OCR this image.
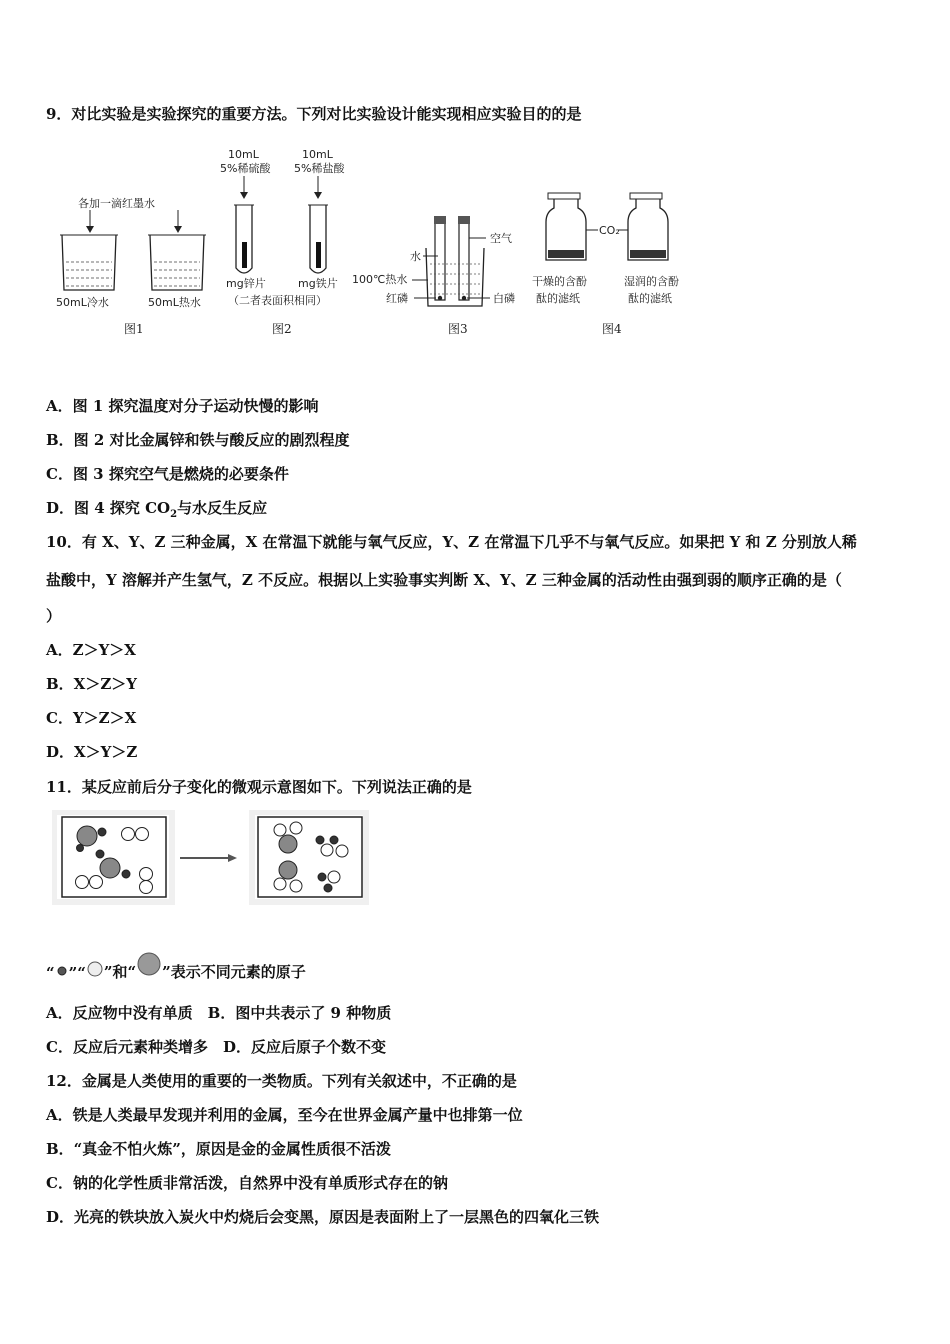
9．对比实验是实验探究的重要方法。下列对比实验设计能实现相应实验目的的是
各加一滴红墨水
50mL冷水	50mL热水
图1
10mL
5%稀硫酸
10mL
5%稀盐酸
mg锌片	mg铁片
（二者表面积相同）
图2
水
空气
100℃热水
红磷	白磷
图3
CO₂
干燥的含酚
酞的滤纸
湿润的含酚
酞的滤纸
图4
A．图 1 探究温度对分子运动快慢的影响
B．图 2 对比金属锌和铁与酸反应的剧烈程度
C．图 3 探究空气是燃烧的必要条件
D．图 4 探究 $CO_2$与水反生反应
10．有 X、Y、Z 三种金属，X 在常温下就能与氧气反应，Y、Z 在常温下几乎不与氧气反应。如果把 Y 和 Z 分别放人稀
盐酸中，Y 溶解并产生氢气，Z 不反应。根据以上实验事实判断 X、Y、Z 三种金属的活动性由强到弱的顺序正确的是（
）
A．Z＞Y＞X
B．X＞Z＞Y
C．Y＞Z＞X
D．X＞Y＞Z
11．某反应前后分子变化的微观示意图如下。下列说法正确的是
“ ”“ ”和“ ”表示不同元素的原子
A．反应物中没有单质　B．图中共表示了 9 种物质
C．反应后元素种类增多　D．反应后原子个数不变
12．金属是人类使用的重要的一类物质。下列有关叙述中，不正确的是
A．铁是人类最早发现并利用的金属，至今在世界金属产量中也排第一位
B．“真金不怕火炼”，原因是金的金属性质很不活泼
C．钠的化学性质非常活泼，自然界中没有单质形式存在的钠
D．光亮的铁块放入炭火中灼烧后会变黑，原因是表面附上了一层黑色的四氧化三铁
